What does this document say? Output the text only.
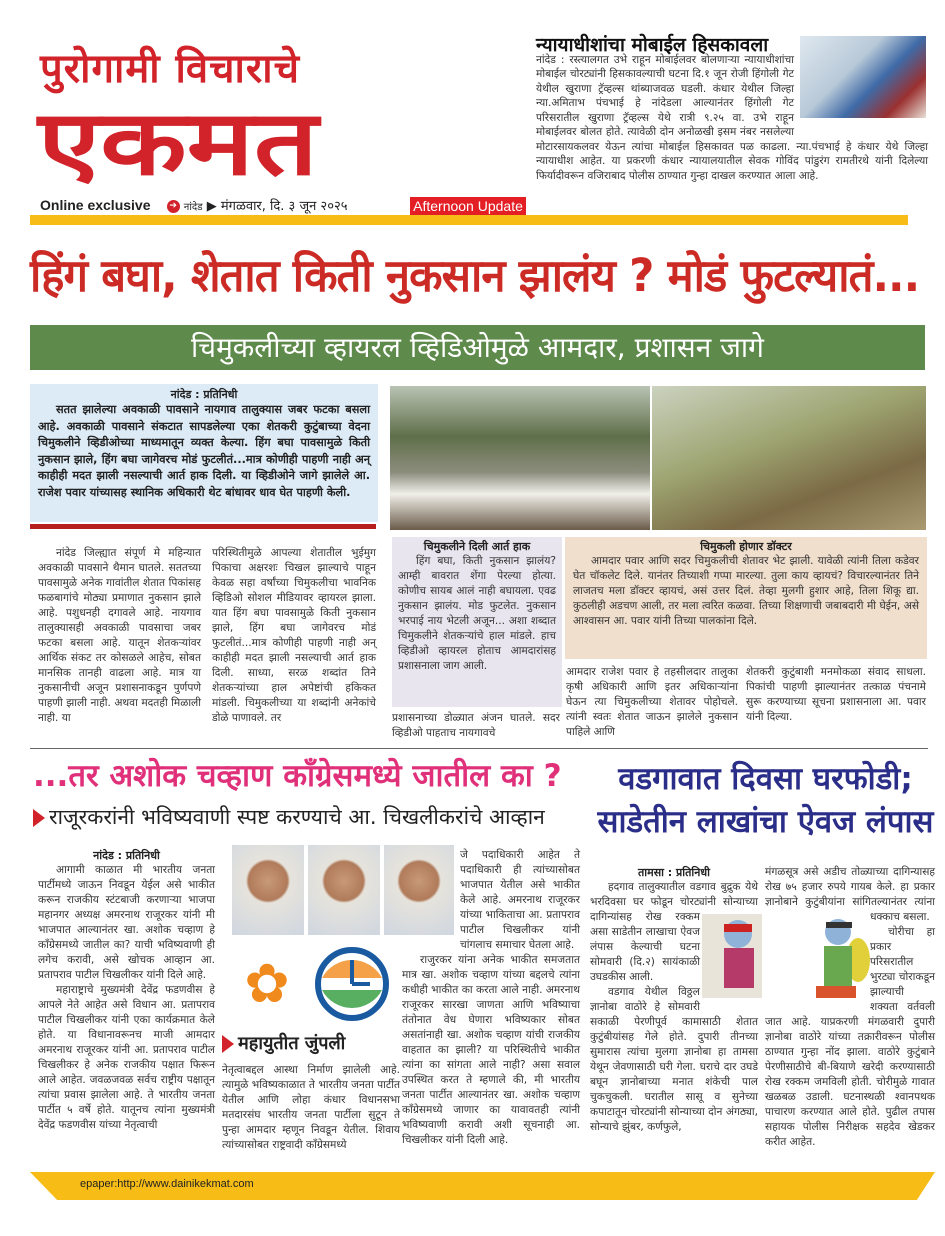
पुरोगामी विचाराचे
एकमत
न्यायाधीशांचा मोबाईल हिसकावला
नांदेड : रस्त्यालगत उभे राहून मोबाईलवर बोलणाऱ्या न्यायाधीशांचा मोबाईल चोरट्यांनी हिसकावल्याची घटना दि.१ जून रोजी हिंगोली गेट येथील खुराणा ट्रॅव्हल्स थांब्याजवळ घडली. कंधार येथील जिल्हा न्या.अमिताभ पंचभाई हे नांदेडला आल्यानंतर हिंगोली गेट परिसरातील खुराणा ट्रॅव्हल्स येथे रात्री ९.२५ वा. उभे राहून मोबाईलवर बोलत होते. त्यावेळी दोन अनोळखी इसम नंबर नसलेल्या मोटारसायकलवर येऊन त्यांचा मोबाईल हिसकावत पळ काढला. न्या.पंचभाई हे कंधार येथे जिल्हा न्यायाधीश आहेत. या प्रकरणी कंधार न्यायालयातील सेवक गोविंद पांडुरंग रामतीरथे यांनी दिलेल्या फिर्यादीवरून वजिराबाद पोलीस ठाण्यात गुन्हा दाखल करण्यात आला आहे.
Online exclusive ➔ नांदेड ▶ मंगळवार, दि. ३ जून २०२५	Afternoon Update
हिंगं बघा, शेतात किती नुकसान झालंय ? मोडं फुटल्यातं...
चिमुकलीच्या व्हायरल व्हिडिओमुळे आमदार, प्रशासन जागे
नांदेड : प्रतिनिधी

सतत झालेल्या अवकाळी पावसाने नायगाव तालुक्यास जबर फटका बसला आहे. अवकाळी पावसाने संकटात सापडलेल्या एका शेतकरी कुटुंबाच्या वेदना चिमुकलीने व्हिडीओच्या माध्यमातून व्यक्त केल्या. हिंग बघा पावसामुळे किती नुकसान झाले, हिंग बघा जागेवरच मोडं फुटलीतं...मात्र कोणीही पाहणी नाही अन् काहीही मदत झाली नसल्याची आर्त हाक दिली. या व्हिडीओने जागे झालेले आ. राजेश पवार यांच्यासह स्थानिक अधिकारी थेट बांधावर धाव घेत पाहणी केली.

नांदेड जिल्ह्यात संपूर्ण मे महिन्यात अवकाळी पावसाने थैमान घातले. सततच्या पावसामुळे अनेक गावांतील शेतात पिकांसह फळबागांचे मोठ्या प्रमाणात नुकसान झाले आहे. पशुधनही दगावले आहे. नायगाव तालुक्यासही अवकाळी पावसाचा जबर फटका बसला आहे. यातून शेतकऱ्यांवर आर्थिक संकट तर कोसळले आहेच, सोबत मानसिक तानही वाढला आहे. मात्र या नुकसानीची अजून प्रशासनाकडून पुर्णपणे पाहणी झाली नाही. अथवा मदतही मिळाली नाही. या

परिस्थितीमुळे आपल्या शेतातील भुईमुग पिकाचा अक्षरशः चिखल झाल्याचे पाहून केवळ सहा वर्षांच्या चिमुकलीचा भावनिक व्हिडिओ सोशल मीडियावर व्हायरल झाला. यात हिंग बघा पावसामुळे किती नुकसान झाले, हिंग बघा जागेवरच मोडं फुटलीतं...मात्र कोणीही पाहणी नाही अन् काहीही मदत झाली नसल्याची आर्त हाक दिली. साध्या, सरळ शब्दांत तिने शेतकऱ्यांच्या हाल अपेष्टांची हकिकत मांडली. चिमुकलीच्या या शब्दांनी अनेकांचे डोळे पाणावले. तर
चिमुकलीने दिली आर्त हाक

हिंग बघा, किती नुकसान झालंय? आम्ही बावरात शेंगा पेरल्या होत्या. कोणीच सायब आलं नाही बघायला. एवढ नुकसान झालंय. मोड फुटलेत. नुकसान भरपाई नाय भेटली अजून... अशा शब्दात चिमुकलीने शेतकऱ्यांचे हाल मांडले. हाच व्हिडीओ व्हायरल होताच आमदारांसह प्रशासनाला जाग आली.

चिमुकली होणार डॉक्टर

आमदार पवार आणि सदर चिमुकलीची शेतावर भेट झाली. यावेळी त्यांनी तिला कडेवर घेत चॉकलेट दिले. यानंतर तिच्याशी गप्पा मारल्या. तुला काय व्हायचं? विचारल्यानंतर तिने लाजतच मला डॉक्टर व्हायचं, असं उत्तर दिलं. तेव्हा मुलगी हुशार आहे, तिला शिकू द्या. कुठलीही अडचण आली, तर मला त्वरित कळवा. तिच्या शिक्षणाची जबाबदारी मी घेईन, असे आश्वासन आ. पवार यांनी तिच्या पालकांना दिले.

प्रशासनाच्या डोळ्यात अंजन घातले. सदर व्हिडीओ पाहताच नायगावचे
आमदार राजेश पवार हे तहसीलदार तालुका कृषी अधिकारी आणि इतर अधिकाऱ्यांना घेऊन त्या चिमुकलीच्या शेतावर पोहोचले. त्यांनी स्वतः शेतात जाऊन झालेले नुकसान पाहिले आणि
शेतकरी कुटुंबाशी मनमोकळा संवाद साधला. पिकांची पाहणी झाल्यानंतर तत्काळ पंचनामे सुरू करण्याच्या सूचना प्रशासनाला आ. पवार यांनी दिल्या.
...तर अशोक चव्हाण काँग्रेसमध्ये जातील का ?
राजूरकरांनी भविष्यवाणी स्पष्ट करण्याचे आ. चिखलीकरांचे आव्हान
नांदेड : प्रतिनिधी

आगामी काळात मी भारतीय जनता पार्टीमध्ये जाऊन निवडून येईल असे भाकीत करून राजकीय स्टंटबाजी करणाऱ्या भाजपा महानगर अध्यक्ष अमरनाथ राजूरकर यांनी मी भाजपात आल्यानंतर खा. अशोक चव्हाण हे काँग्रेसमध्ये जातील का? याची भविष्यवाणी ही लगेच करावी, असे खोचक आव्हान आ. प्रतापराव पाटील चिखलीकर यांनी दिले आहे.

महाराष्ट्राचे मुख्यमंत्री देवेंद्र फडणवीस हे आपले नेते आहेत असे विधान आ. प्रतापराव पाटील चिखलीकर यांनी एका कार्यक्रमात केले होते. या विधानावरूनच माजी आमदार अमरनाथ राजूरकर यांनी आ. प्रतापराव पाटील चिखलीकर हे अनेक राजकीय पक्षात फिरून आले आहेत. जवळजवळ सर्वच राष्ट्रीय पक्षातून त्यांचा प्रवास झालेला आहे. ते भारतीय जनता पार्टीत ५ वर्षे होते. यातूनच त्यांना मुख्यमंत्री देवेंद्र फडणवीस यांच्या नेतृत्वाची

✿
महायुतीत जुंपली
नेतृत्वाबद्दल आस्था निर्माण झालेली आहे. त्यामुळे भविष्यकाळात ते भारतीय जनता पार्टीत येतील आणि लोहा कंधार विधानसभा मतदारसंघ भारतीय जनता पार्टीला सुटून ते पुन्हा आमदार म्हणून निवडून येतील. शिवाय त्यांच्यासोबत राष्ट्रवादी काँग्रेसमध्ये
जे पदाधिकारी आहेत ते पदाधिकारी ही त्यांच्यासोबत भाजपात येतील असे भाकीत केले आहे. अमरनाथ राजूरकर यांच्या भाकिताचा आ. प्रतापराव पाटील चिखलीकर यांनी चांगलाच समाचार घेतला आहे.

राजुरकर यांना अनेक भाकीत समजतात मात्र खा. अशोक चव्हाण यांच्या बद्दलचे त्यांना कधीही भाकीत का करता आले नाही. अमरनाथ राजूरकर सारखा जाणता आणि भविष्याचा तंतोनात वेध घेणारा भविष्यकार सोबत असतांनाही खा. अशोक चव्हाण यांची राजकीय वाहतात का झाली? या परिस्थितीचे भाकीत त्यांना का सांगता आले नाही? असा सवाल उपस्थित करत ते म्हणाले की, मी भारतीय जनता पार्टीत आल्यानंतर खा. अशोक चव्हाण काँग्रेसमध्ये जाणार का यावावतही त्यांनी भविष्यवाणी करावी अशी सूचनाही आ. चिखलीकर यांनी दिली आहे.

वडगावात दिवसा घरफोडी;
साडेतीन लाखांचा ऐवज लंपास
तामसा : प्रतिनिधी

हदगाव तालुक्यातील वडगाव बुद्रुक येथे भरदिवसा घर फोडून चोरट्यांनी सोन्याच्या दागिन्यांसह रोख रक्कम असा साडेतीन लाखाचा ऐवज लंपास केल्याची घटना सोमवारी (दि.२) सायंकाळी उघडकीस आली.

वडगाव येथील विठ्ठल ज्ञानोबा वाठोरे हे सोमवारी सकाळी पेरणीपूर्व कामासाठी शेतात कुटुंबीयांसह गेले होते. दुपारी तीनच्या सुमारास त्यांचा मुलगा ज्ञानोबा हा तामसा येथून जेवणासाठी घरी गेला. घराचे दार उघडे बघून ज्ञानोबाच्या मनात शंकेची पाल चुकचुकली. घरातील सासू व सुनेच्या कपाटातून चोरट्यांनी सोन्याच्या दोन अंगठ्या, सोन्याचे झुंबर, कर्णफुले,

मंगळसूत्र असे अडीच तोळ्याच्या दागिन्यासह रोख ७५ हजार रुपये गायब केले. हा प्रकार ज्ञानोबाने कुटुंबीयांना सांगितल्यानंतर त्यांना धक्काच बसला.

चोरीचा हा प्रकार परिसरातील भुरट्या चोराकडून झाल्याची शक्यता वर्तवली जात आहे. याप्रकरणी मंगळवारी दुपारी ज्ञानोबा वाठोरे यांच्या तक्रारीवरून पोलीस ठाण्यात गुन्हा नोंद झाला. वाठोरे कुटुंबाने पेरणीसाठीचे बी-बियाणे खरेदी करण्यासाठी रोख रक्कम जमविली होती. चोरीमुळे गावात खळबळ उडाली. घटनास्थळी श्वानपथक पाचारण करण्यात आले होते. पुढील तपास सहायक पोलीस निरीक्षक सहदेव खेडकर करीत आहेत.

epaper:http://www.dainikekmat.com
